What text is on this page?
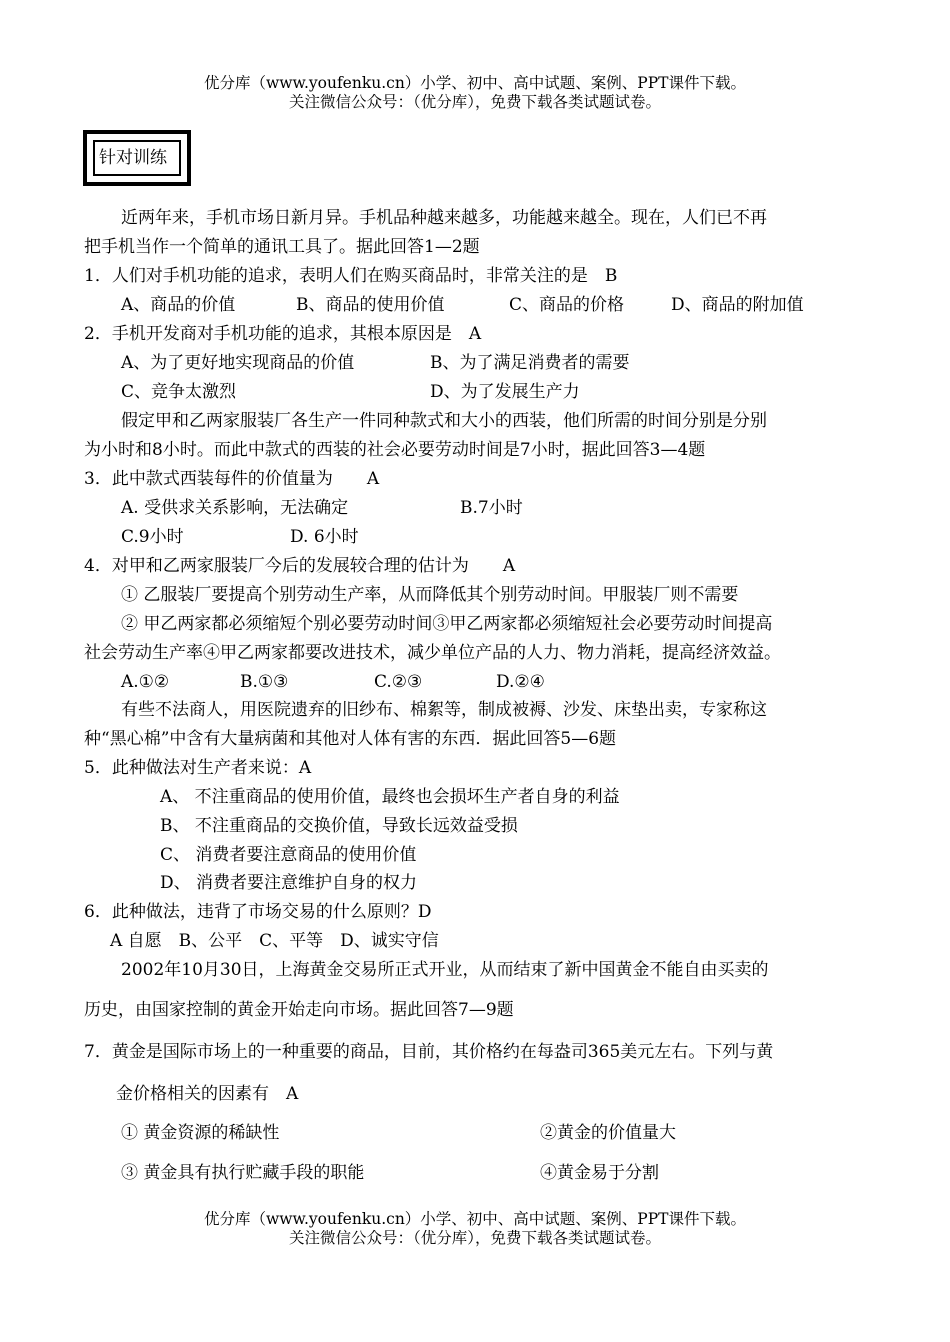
优分库（www.youfenku.cn）小学、初中、高中试题、案例、PPT课件下载。
关注微信公众号：（优分库），免费下载各类试题试卷。
针对训练
近两年来，手机市场日新月异。手机品种越来越多，功能越来越全。现在，人们已不再
把手机当作一个简单的通讯工具了。据此回答1—2题
1．人们对手机功能的追求，表明人们在购买商品时，非常关注的是　B
A、商品的价值	B、商品的使用价值	C、商品的价格	D、商品的附加值
2．手机开发商对手机功能的追求，其根本原因是　A
A、为了更好地实现商品的价值	B、为了满足消费者的需要
C、竞争太激烈	D、为了发展生产力
假定甲和乙两家服装厂各生产一件同种款式和大小的西装，他们所需的时间分别是分别
为小时和8小时。而此中款式的西装的社会必要劳动时间是7小时，据此回答3—4题
3．此中款式西装每件的价值量为　　A
A. 受供求关系影响，无法确定	B.7小时
C.9小时	D. 6小时
4．对甲和乙两家服装厂今后的发展较合理的估计为　　A
① 乙服装厂要提高个别劳动生产率，从而降低其个别劳动时间。甲服装厂则不需要
② 甲乙两家都必须缩短个别必要劳动时间③甲乙两家都必须缩短社会必要劳动时间提高
社会劳动生产率④甲乙两家都要改进技术，减少单位产品的人力、物力消耗，提高经济效益。
A.①②	B.①③	C.②③	D.②④
有些不法商人，用医院遗弃的旧纱布、棉絮等，制成被褥、沙发、床垫出卖，专家称这
种“黑心棉”中含有大量病菌和其他对人体有害的东西．据此回答5—6题
5．此种做法对生产者来说：A
A、 不注重商品的使用价值，最终也会损坏生产者自身的利益
B、 不注重商品的交换价值，导致长远效益受损
C、 消费者要注意商品的使用价值
D、 消费者要注意维护自身的权力
6．此种做法，违背了市场交易的什么原则？D
A 自愿　B、公平　C、平等　D、诚实守信
2002年10月30日，上海黄金交易所正式开业，从而结束了新中国黄金不能自由买卖的
历史，由国家控制的黄金开始走向市场。据此回答7—9题
7．黄金是国际市场上的一种重要的商品，目前，其价格约在每盎司365美元左右。下列与黄
金价格相关的因素有　A
① 黄金资源的稀缺性	②黄金的价值量大
③ 黄金具有执行贮藏手段的职能	④黄金易于分割
优分库（www.youfenku.cn）小学、初中、高中试题、案例、PPT课件下载。
关注微信公众号：（优分库），免费下载各类试题试卷。
